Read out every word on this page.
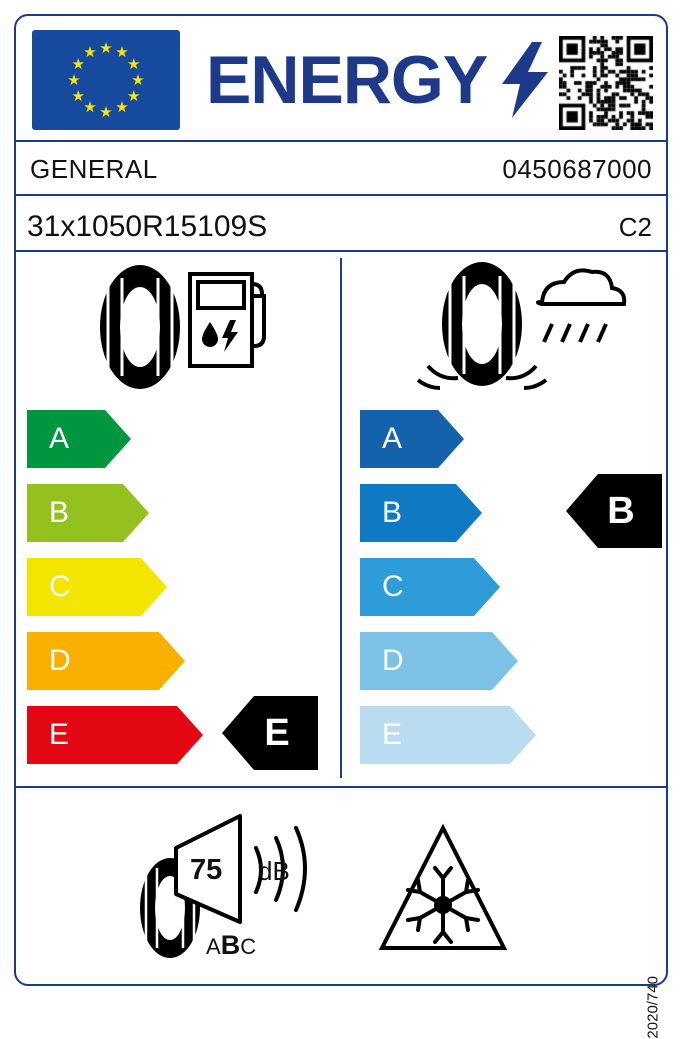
★ ★
★
★
★
★
★
★
★
★
★
★ ENERGY
GENERAL	0450687000
31x1050R15109S	C2
A
B
C
D
E
A
B
C
D
E
E
B
75 dB
ABC
2020/740
